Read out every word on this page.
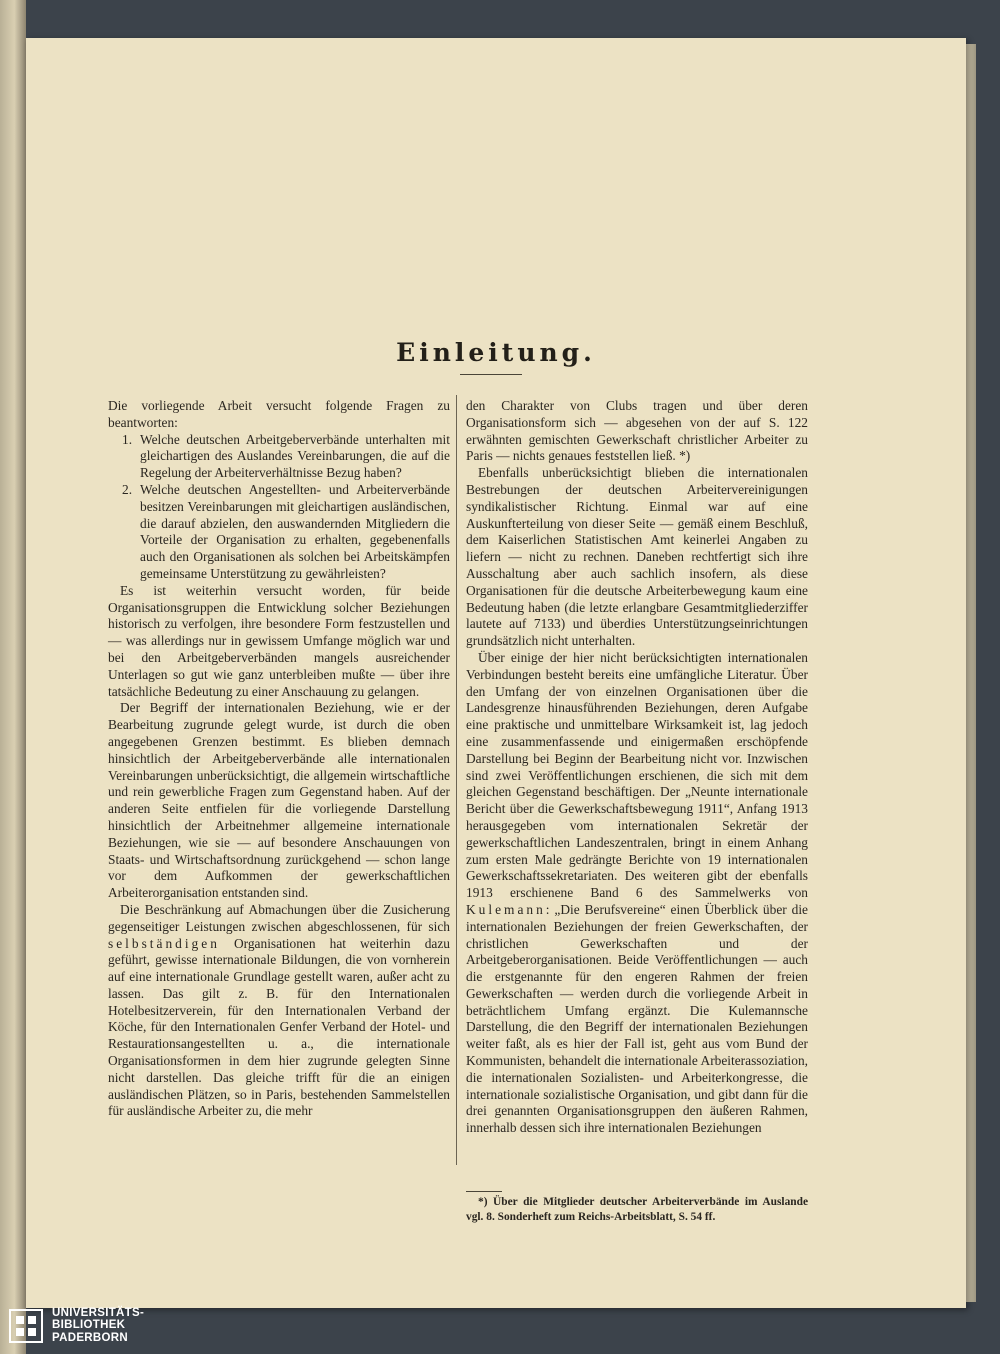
Einleitung.

Die vorliegende Arbeit versucht folgende Fragen zu beantworten:

1. Welche deutschen Arbeitgeberverbände unterhalten mit gleichartigen des Auslandes Vereinbarungen, die auf die Regelung der Arbeiterverhältnisse Bezug haben?
2. Welche deutschen Angestellten- und Arbeiterverbände besitzen Vereinbarungen mit gleichartigen ausländischen, die darauf abzielen, den auswandernden Mitgliedern die Vorteile der Organisation zu erhalten, gegebenenfalls auch den Organisationen als solchen bei Arbeitskämpfen gemeinsame Unterstützung zu gewährleisten?

Es ist weiterhin versucht worden, für beide Organisationsgruppen die Entwicklung solcher Beziehungen historisch zu verfolgen, ihre besondere Form festzustellen und — was allerdings nur in gewissem Umfange möglich war und bei den Arbeitgeberverbänden mangels ausreichender Unterlagen so gut wie ganz unterbleiben mußte — über ihre tatsächliche Bedeutung zu einer Anschauung zu gelangen.

Der Begriff der internationalen Beziehung, wie er der Bearbeitung zugrunde gelegt wurde, ist durch die oben angegebenen Grenzen bestimmt. Es blieben demnach hinsichtlich der Arbeitgeberverbände alle internationalen Vereinbarungen unberücksichtigt, die allgemein wirtschaftliche und rein gewerbliche Fragen zum Gegenstand haben. Auf der anderen Seite entfielen für die vorliegende Darstellung hinsichtlich der Arbeitnehmer allgemeine internationale Beziehungen, wie sie — auf besondere Anschauungen von Staats- und Wirtschaftsordnung zurückgehend — schon lange vor dem Aufkommen der gewerkschaftlichen Arbeiterorganisation entstanden sind.

Die Beschränkung auf Abmachungen über die Zusicherung gegenseitiger Leistungen zwischen abgeschlossenen, für sich selbständigen Organisationen hat weiterhin dazu geführt, gewisse internationale Bildungen, die von vornherein auf eine internationale Grundlage gestellt waren, außer acht zu lassen. Das gilt z. B. für den Internationalen Hotelbesitzerverein, für den Internationalen Verband der Köche, für den Internationalen Genfer Verband der Hotel- und Restaurationsangestellten u. a., die internationale Organisationsformen in dem hier zugrunde gelegten Sinne nicht darstellen. Das gleiche trifft für die an einigen ausländischen Plätzen, so in Paris, bestehenden Sammelstellen für ausländische Arbeiter zu, die mehr

den Charakter von Clubs tragen und über deren Organisationsform sich — abgesehen von der auf S. 122 erwähnten gemischten Gewerkschaft christlicher Arbeiter zu Paris — nichts genaues feststellen ließ. *)

Ebenfalls unberücksichtigt blieben die internationalen Bestrebungen der deutschen Arbeitervereinigungen syndikalistischer Richtung. Einmal war auf eine Auskunfterteilung von dieser Seite — gemäß einem Beschluß, dem Kaiserlichen Statistischen Amt keinerlei Angaben zu liefern — nicht zu rechnen. Daneben rechtfertigt sich ihre Ausschaltung aber auch sachlich insofern, als diese Organisationen für die deutsche Arbeiterbewegung kaum eine Bedeutung haben (die letzte erlangbare Gesamtmitgliederziffer lautete auf 7133) und überdies Unterstützungseinrichtungen grundsätzlich nicht unterhalten.

Über einige der hier nicht berücksichtigten internationalen Verbindungen besteht bereits eine umfängliche Literatur. Über den Umfang der von einzelnen Organisationen über die Landesgrenze hinausführenden Beziehungen, deren Aufgabe eine praktische und unmittelbare Wirksamkeit ist, lag jedoch eine zusammenfassende und einigermaßen erschöpfende Darstellung bei Beginn der Bearbeitung nicht vor. Inzwischen sind zwei Veröffentlichungen erschienen, die sich mit dem gleichen Gegenstand beschäftigen. Der „Neunte internationale Bericht über die Gewerkschaftsbewegung 1911“, Anfang 1913 herausgegeben vom internationalen Sekretär der gewerkschaftlichen Landeszentralen, bringt in einem Anhang zum ersten Male gedrängte Berichte von 19 internationalen Gewerkschaftssekretariaten. Des weiteren gibt der ebenfalls 1913 erschienene Band 6 des Sammelwerks von Kulemann: „Die Berufsvereine“ einen Überblick über die internationalen Beziehungen der freien Gewerkschaften, der christlichen Gewerkschaften und der Arbeitgeberorganisationen. Beide Veröffentlichungen — auch die erstgenannte für den engeren Rahmen der freien Gewerkschaften — werden durch die vorliegende Arbeit in beträchtlichem Umfang ergänzt. Die Kulemannsche Darstellung, die den Begriff der internationalen Beziehungen weiter faßt, als es hier der Fall ist, geht aus vom Bund der Kommunisten, behandelt die internationale Arbeiterassoziation, die internationalen Sozialisten- und Arbeiterkongresse, die internationale sozialistische Organisation, und gibt dann für die drei genannten Organisationsgruppen den äußeren Rahmen, innerhalb dessen sich ihre internationalen Beziehungen

*) Über die Mitglieder deutscher Arbeiterverbände im Auslande vgl. 8. Sonderheft zum Reichs-Arbeitsblatt, S. 54 ff.

UNIVERSITÄTS-
BIBLIOTHEK
PADERBORN
